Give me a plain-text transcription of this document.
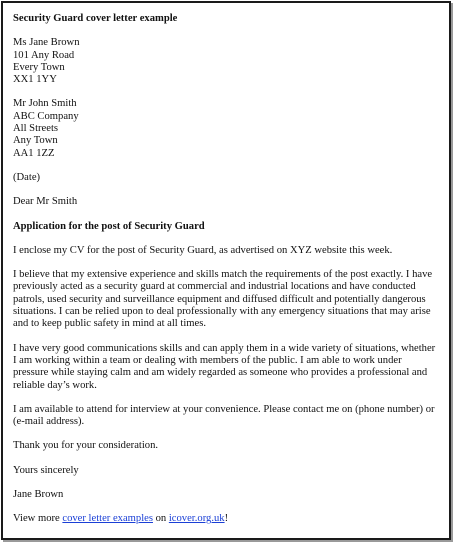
Security Guard cover letter example
Ms Jane Brown
101 Any Road
Every Town
XX1 1YY
Mr John Smith
ABC Company
All Streets
Any Town
AA1 1ZZ
(Date)
Dear Mr Smith
Application for the post of Security Guard
I enclose my CV for the post of Security Guard, as advertised on XYZ website this week.
I believe that my extensive experience and skills match the requirements of the post exactly. I have
previously acted as a security guard at commercial and industrial locations and have conducted
patrols, used security and surveillance equipment and diffused difficult and potentially dangerous
situations. I can be relied upon to deal professionally with any emergency situations that may arise
and to keep public safety in mind at all times.
I have very good communications skills and can apply them in a wide variety of situations, whether
I am working within a team or dealing with members of the public. I am able to work under
pressure while staying calm and am widely regarded as someone who provides a professional and
reliable day’s work.
I am available to attend for interview at your convenience. Please contact me on (phone number) or
(e-mail address).
Thank you for your consideration.
Yours sincerely
Jane Brown
View more cover letter examples on icover.org.uk!
